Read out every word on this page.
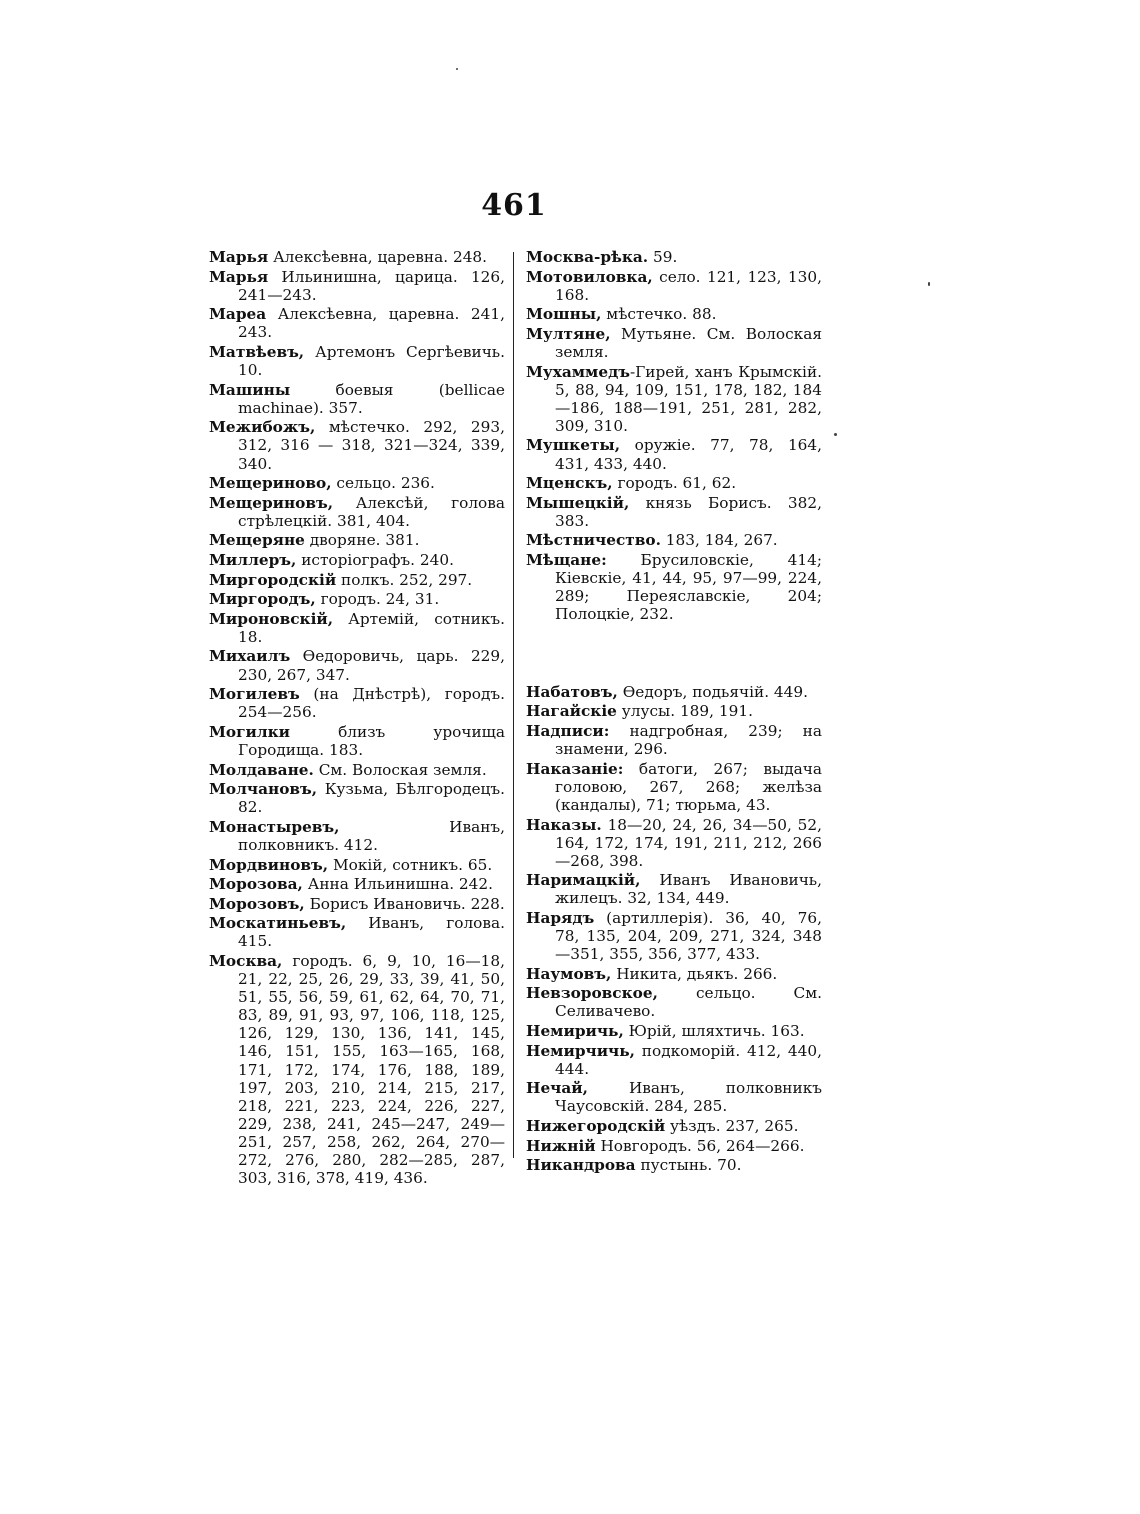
461
Марья Алексѣевна, царевна. 248.
Марья Ильинишна, царица. 126, 241—243.
Мареа Алексѣевна, царевна. 241, 243.
Матвѣевъ, Артемонъ Сергѣевичь. 10.
Машины боевыя (bellicae machinae). 357.
Межибожъ, мѣстечко. 292, 293, 312, 316 — 318, 321—324, 339, 340.
Мещериново, сельцо. 236.
Мещериновъ, Алексѣй, голова стрѣлецкій. 381, 404.
Мещеряне дворяне. 381.
Миллеръ, исторіографъ. 240.
Миргородскій полкъ. 252, 297.
Миргородъ, городъ. 24, 31.
Мироновскій, Артемій, сотникъ. 18.
Михаилъ Өедоровичь, царь. 229, 230, 267, 347.
Могилевъ (на Днѣстрѣ), городъ. 254—256.
Могилки близъ урочища Городища. 183.
Молдаване. См. Волоская земля.
Молчановъ, Кузьма, Бѣлгородецъ. 82.
Монастыревъ, Иванъ, полковникъ. 412.
Мордвиновъ, Мокій, сотникъ. 65.
Морозова, Анна Ильинишна. 242.
Морозовъ, Борисъ Ивановичь. 228.
Москатиньевъ, Иванъ, голова. 415.
Москва, городъ. 6, 9, 10, 16—18, 21, 22, 25, 26, 29, 33, 39, 41, 50, 51, 55, 56, 59, 61, 62, 64, 70, 71, 83, 89, 91, 93, 97, 106, 118, 125, 126, 129, 130, 136, 141, 145, 146, 151, 155, 163—165, 168, 171, 172, 174, 176, 188, 189, 197, 203, 210, 214, 215, 217, 218, 221, 223, 224, 226, 227, 229, 238, 241, 245—247, 249—251, 257, 258, 262, 264, 270—272, 276, 280, 282—285, 287, 303, 316, 378, 419, 436.
Москва-рѣка. 59.
Мотовиловка, село. 121, 123, 130, 168.
Мошны, мѣстечко. 88.
Мултяне, Мутьяне. См. Волоская земля.
Мухаммедъ-Гирей, ханъ Крымскій. 5, 88, 94, 109, 151, 178, 182, 184—186, 188—191, 251, 281, 282, 309, 310.
Мушкеты, оружіе. 77, 78, 164, 431, 433, 440.
Мценскъ, городъ. 61, 62.
Мышецкій, князь Борисъ. 382, 383.
Мѣстничество. 183, 184, 267.
Мѣщане: Брусиловскіе, 414; Кіевскіе, 41, 44, 95, 97—99, 224, 289; Переяславскіе, 204; Полоцкіе, 232.
Набатовъ, Өедоръ, подьячій. 449.
Нагайскіе улусы. 189, 191.
Надписи: надгробная, 239; на знамени, 296.
Наказаніе: батоги, 267; выдача головою, 267, 268; желѣза (кандалы), 71; тюрьма, 43.
Наказы. 18—20, 24, 26, 34—50, 52, 164, 172, 174, 191, 211, 212, 266—268, 398.
Наримацкій, Иванъ Ивановичь, жилецъ. 32, 134, 449.
Нарядъ (артиллерія). 36, 40, 76, 78, 135, 204, 209, 271, 324, 348—351, 355, 356, 377, 433.
Наумовъ, Никита, дьякъ. 266.
Невзоровское, сельцо. См. Селивачево.
Немиричь, Юрій, шляхтичь. 163.
Немирчичь, подкоморій. 412, 440, 444.
Нечай, Иванъ, полковникъ Чаусовскій. 284, 285.
Нижегородскій уѣздъ. 237, 265.
Нижній Новгородъ. 56, 264—266.
Никандрова пустынь. 70.
